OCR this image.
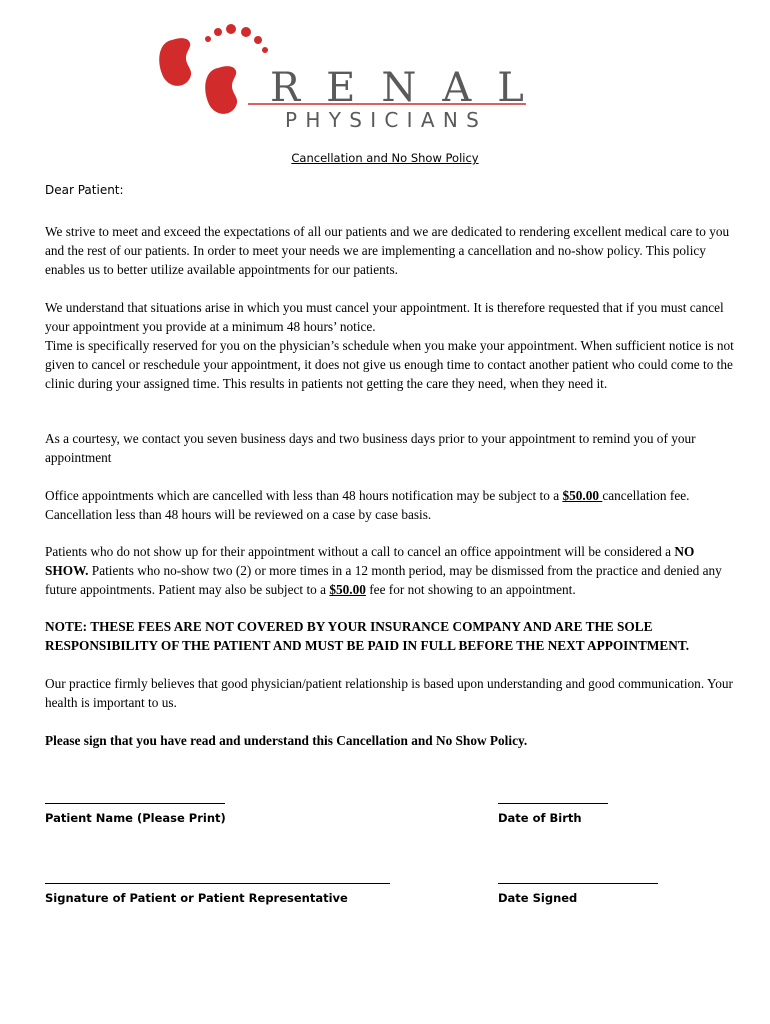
RENAL
PHYSICIANS
Cancellation and No Show Policy
Dear Patient:

We strive to meet and exceed the expectations of all our patients and we are dedicated to rendering excellent medical care to you and the rest of our patients. In order to meet your needs we are implementing a cancellation and no-show policy. This policy enables us to better utilize available appointments for our patients.

We understand that situations arise in which you must cancel your appointment. It is therefore requested that if you must cancel your appointment you provide at a minimum 48 hours’ notice.

Time is specifically reserved for you on the physician’s schedule when you make your appointment. When sufficient notice is not given to cancel or reschedule your appointment, it does not give us enough time to contact another patient who could come to the clinic during your assigned time. This results in patients not getting the care they need, when they need it.

As a courtesy, we contact you seven business days and two business days prior to your appointment to remind you of your appointment

Office appointments which are cancelled with less than 48 hours notification may be subject to a $50.00 cancellation fee.
Cancellation less than 48 hours will be reviewed on a case by case basis.

Patients who do not show up for their appointment without a call to cancel an office appointment will be considered a NO SHOW. Patients who no-show two (2) or more times in a 12 month period, may be dismissed from the practice and denied any future appointments. Patient may also be subject to a $50.00 fee for not showing to an appointment.

NOTE: THESE FEES ARE NOT COVERED BY YOUR INSURANCE COMPANY AND ARE THE SOLE RESPONSIBILITY OF THE PATIENT AND MUST BE PAID IN FULL BEFORE THE NEXT APPOINTMENT.

Our practice firmly believes that good physician/patient relationship is based upon understanding and good communication. Your health is important to us.

Please sign that you have read and understand this Cancellation and No Show Policy.

Patient Name (Please Print)	Date of Birth
Signature of Patient or Patient Representative	Date Signed
